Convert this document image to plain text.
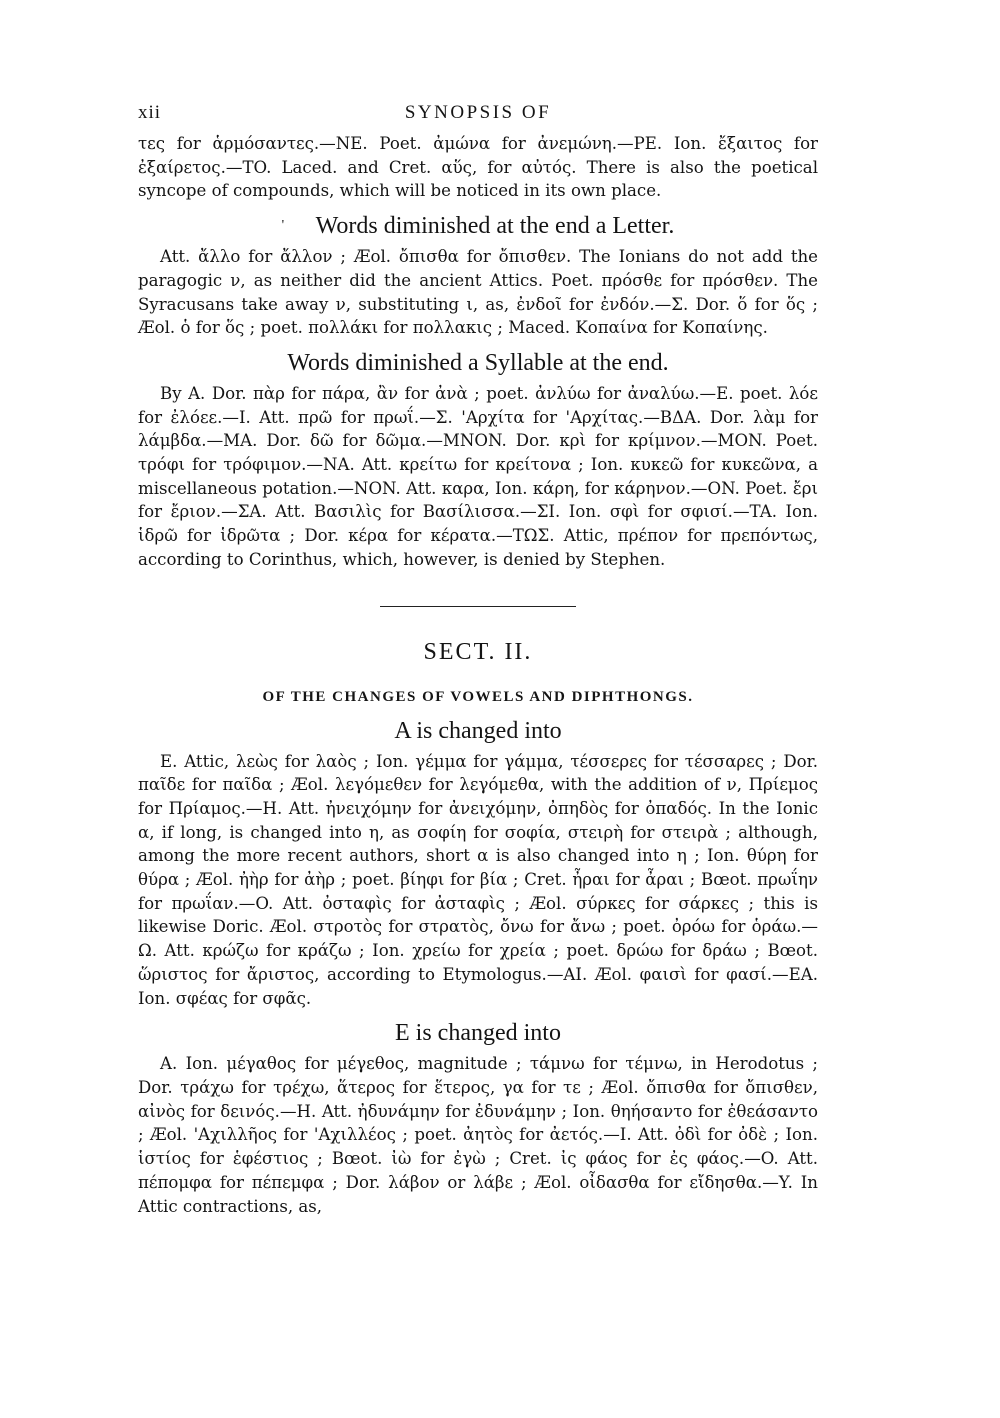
xii	SYNOPSIS OF

τες for ἁρμόσαντες.—NE. Poet. ἀμώνα for ἀνεμώνη.—PE. Ion. ἔξαιτος for ἐξαίρετος.—TO. Laced. and Cret. αὕς, for αὐτός. There is also the poetical syncope of compounds, which will be noticed in its own place.

' Words diminished at the end a Letter.

Att. ἄλλο for ἄλλον ; Æol. ὄπισθα for ὄπισθεν. The Ionians do not add the paragogic ν, as neither did the ancient Attics. Poet. πρόσθε for πρόσθεν. The Syracusans take away ν, substituting ι, as, ἐνδοῖ for ἐνδόν.—Σ. Dor. ὅ for ὅς ; Æol. ὁ for ὅς ; poet. πολλάκι for πολλακις ; Maced. Κοπαίνα for Κοπαίνης.

Words diminished a Syllable at the end.

By A. Dor. πὰρ for πάρα, ἂν for ἀνὰ ; poet. ἀνλύω for ἀναλύω.—E. poet. λόε for ἐλόεε.—I. Att. πρῶ for πρωΐ.—Σ. 'Αρχίτα for 'Αρχίτας.—ΒΔΑ. Dor. λὰμ for λάμβδα.—MA. Dor. δῶ for δῶμα.—MNON. Dor. κρὶ for κρίμνον.—MON. Poet. τρόφι for τρόφιμον.—NA. Att. κρείτω for κρείτονα ; Ion. κυκεῶ for κυκεῶνα, a miscellaneous potation.—NON. Att. καρα, Ion. κάρη, for κάρηνον.—ON. Poet. ἔρι for ἔριον.—ΣA. Att. Βασιλὶς for Βασίλισσα.—ΣI. Ion. σφὶ for σφισί.—TA. Ion. ἱδρῶ for ἱδρῶτα ; Dor. κέρα for κέρατα.—TΩΣ. Attic, πρέπον for πρεπόντως, according to Corinthus, which, however, is denied by Stephen.

SECT. II.
OF THE CHANGES OF VOWELS AND DIPHTHONGS.
A is changed into

E. Attic, λεὼς for λαὸς ; Ion. γέμμα for γάμμα, τέσσερες for τέσσαρες ; Dor. παῖδε for παῖδα ; Æol. λεγόμεθεν for λεγόμεθα, with the addition of ν, Πρίεμος for Πρίαμος.—H. Att. ἠνειχόμην for ἀνειχόμην, ὀπηδὸς for ὀπαδός. In the Ionic α, if long, is changed into η, as σοφίη for σοφία, στειρὴ for στειρὰ ; although, among the more recent authors, short α is also changed into η ; Ion. θύρη for θύρα ; Æol. ἠὴρ for ἀὴρ ; poet. βίηφι for βία ; Cret. ἦραι for ἆραι ; Bœot. πρωΐην for πρωΐαν.—O. Att. ὀσταφὶς for ἀσταφὶς ; Æol. σύρκες for σάρκες ; this is likewise Doric. Æol. στροτὸς for στρατὸς, ὄνω for ἄνω ; poet. ὀρόω for ὁράω.—Ω. Att. κρώζω for κράζω ; Ion. χρείω for χρεία ; poet. δρώω for δράω ; Bœot. ὥριστος for ἄριστος, according to Etymologus.—AI. Æol. φαισὶ for φασί.—EA. Ion. σφέας for σφᾶς.

E is changed into

A. Ion. μέγαθος for μέγεθος, magnitude ; τάμνω for τέμνω, in Herodotus ; Dor. τράχω for τρέχω, ἅτερος for ἕτερος, γα for τε ; Æol. ὄπισθα for ὄπισθεν, αἰνὸς for δεινός.—H. Att. ἠδυνάμην for ἐδυνάμην ; Ion. θηήσαντο for ἐθεάσαντο ; Æol. 'Αχιλλῆος for 'Αχιλλέος ; poet. ἀητὸς for ἀετός.—I. Att. ὀδὶ for ὀδὲ ; Ion. ἱστίος for ἑφέστιος ; Bœot. ἰὼ for ἐγὼ ; Cret. ἰς φάος for ἐς φάος.—O. Att. πέπομφα for πέπεμφα ; Dor. λάβον or λάβε ; Æol. οἶδασθα for εἴδησθα.—Y. In Attic contractions, as,
